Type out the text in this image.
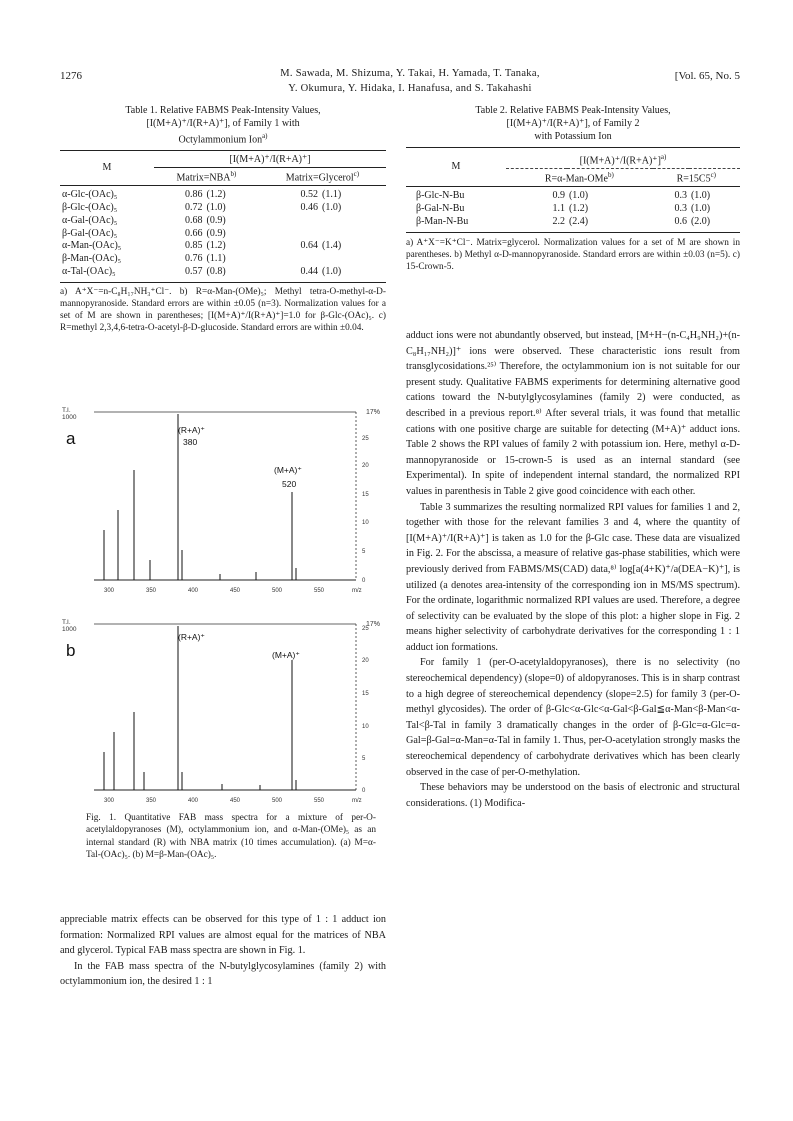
1276	M. Sawada, M. Shizuma, Y. Takai, H. Yamada, T. Tanaka,
Y. Okumura, Y. Hidaka, I. Hanafusa, and S. Takahashi
[Vol. 65, No. 5
Table 1. Relative FABMS Peak-Intensity Values,
[I(M+A)⁺/I(R+A)⁺], of Family 1 with
Octylammonium Ion$^{a)}$
M	[I(M+A)⁺/I(R+A)⁺]			
	$Matrix=NBA^{b)}$		Matrix=Glycerol$^{c)}$
α-Glc-(OAc)₅	0.86	(1.2)	0.52	(1.1)
β-Glc-(OAc)₅	0.72	(1.0)	0.46	(1.0)
α-Gal-(OAc)₅	0.68	(0.9)		
β-Gal-(OAc)₅	0.66	(0.9)		
α-Man-(OAc)₅	0.85	(1.2)	0.64	(1.4)
β-Man-(OAc)₅	0.76	(1.1)		
α-Tal-(OAc)₅	0.57	(0.8)	0.44	(1.0)
a) A⁺X⁻=n-C₈H₁₇NH₃⁺Cl⁻. b) R=α-Man-(OMe)₅; Methyl tetra-O-methyl-α-D-mannopyranoside. Standard errors are within ±0.05 (n=3). Normalization values for a set of M are shown in parentheses; [I(M+A)⁺/I(R+A)⁺]=1.0 for β-Glc-(OAc)₅. c) R=methyl 2,3,4,6-tetra-O-acetyl-β-D-glucoside. Standard errors are within ±0.04.
Table 2. Relative FABMS Peak-Intensity Values,
[I(M+A)⁺/I(R+A)⁺], of Family 2
with Potassium Ion
M	$[I(M+A)^+/I(R+A)^+]^{a)}$
	R=α-Man-OMe$^{b)}$		$R=15C5^{c)}$
β-Glc-N-Bu	0.9	(1.0)	0.3	(1.0)
β-Gal-N-Bu	1.1	(1.2)	0.3	(1.0)
β-Man-N-Bu	2.2	(2.4)	0.6	(2.0)
a) A⁺X⁻=K⁺Cl⁻. Matrix=glycerol. Normalization values for a set of M are shown in parentheses. b) Methyl α-D-mannopyranoside. Standard errors are within ±0.03 (n=5). c) 15-Crown-5.
T.I.
1000
17%
a	(R+A)⁺
380
(M+A)⁺
520
25
20
15
10
5
0
300	350	400	450	500	550	m/z
T.I.
1000
17%
b
(R+A)⁺
(M+A)⁺
25
20
15
10
5
0
300	350	400	450	500	550	m/z
Fig. 1. Quantitative FAB mass spectra for a mixture of per-O-acetylaldopyranoses (M), octylammonium ion, and α-Man-(OMe)₅ as an internal standard (R) with NBA matrix (10 times accumulation). (a) M=α-Tal-(OAc)₅. (b) M=β-Man-(OAc)₅.

appreciable matrix effects can be observed for this type of 1 : 1 adduct ion formation: Normalized RPI values are almost equal for the matrices of NBA and glycerol. Typical FAB mass spectra are shown in Fig. 1.

In the FAB mass spectra of the N-butylglycosylamines (family 2) with octylammonium ion, the desired 1 : 1

adduct ions were not abundantly observed, but instead, [M+H−(n-C₄H₉NH₂)+(n-C₈H₁₇NH₂)]⁺ ions were observed. These characteristic ions result from transglycosidations.²⁵⁾ Therefore, the octylammonium ion is not suitable for our present study. Qualitative FABMS experiments for determining alternative good cations toward the N-butylglycosylamines (family 2) were conducted, as described in a previous report.⁸⁾ After several trials, it was found that metallic cations with one positive charge are suitable for detecting (M+A)⁺ adduct ions. Table 2 shows the RPI values of family 2 with potassium ion. Here, methyl α-D-mannopyranoside or 15-crown-5 is used as an internal standard (see Experimental). In spite of independent internal standard, the normalized RPI values in parenthesis in Table 2 give good coincidence with each other.

Table 3 summarizes the resulting normalized RPI values for families 1 and 2, together with those for the relevant families 3 and 4, where the quantity of [I(M+A)⁺/I(R+A)⁺] is taken as 1.0 for the β-Glc case. These data are visualized in Fig. 2. For the abscissa, a measure of relative gas-phase stabilities, which were previously derived from FABMS/MS(CAD) data,⁸⁾ log[a(4+K)⁺/a(DEA−K)⁺], is utilized (a denotes area-intensity of the corresponding ion in MS/MS spectrum). For the ordinate, logarithmic normalized RPI values are used. Therefore, a degree of selectivity can be evaluated by the slope of this plot: a higher slope in Fig. 2 means higher selectivity of carbohydrate derivatives for the corresponding 1 : 1 adduct ion formations.

For family 1 (per-O-acetylaldopyranoses), there is no selectivity (no stereochemical dependency) (slope=0) of aldopyranoses. This is in sharp contrast to a high degree of stereochemical dependency (slope=2.5) for family 3 (per-O-methyl glycosides). The order of β-Glc<α-Glc<α-Gal<β-Gal≦α-Man<β-Man<α-Tal<β-Tal in family 3 dramatically changes in the order of β-Glc=α-Glc=α-Gal=β-Gal=α-Man=α-Tal in family 1. Thus, per-O-acetylation strongly masks the stereochemical dependency of carbohydrate derivatives which has been clearly observed in the case of per-O-methylation.

These behaviors may be understood on the basis of electronic and structural considerations. (1) Modifica-
